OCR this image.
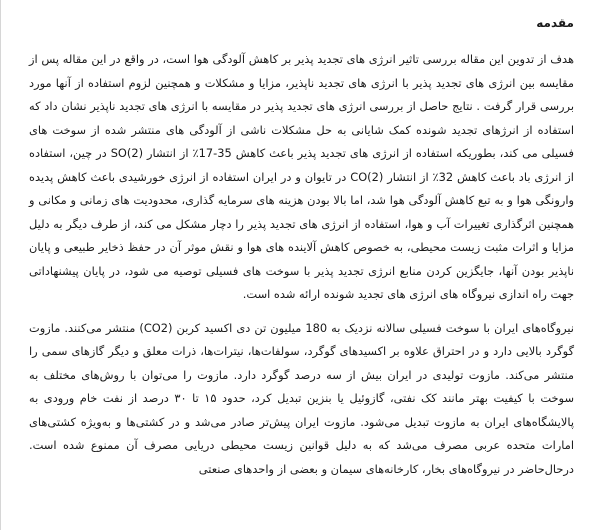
مقدمه

هدف از تدوین این مقاله بررسی تاثیر انرژی های تجدید پذیر بر کاهش آلودگی هوا است، در واقع در این مقاله پس از مقایسه بین انرژی های تجدید پذیر با انرژی های تجدید ناپذیر، مزایا و مشکلات و همچنین لزوم استفاده از آنها مورد بررسی قرار گرفت . نتایج حاصل از بررسی انرژی های تجدید پذیر در مقایسه با انرژی های تجدید ناپذیر نشان داد که استفاده از انرژهای تجدید شونده کمک شایانی به حل مشکلات ناشی از آلودگی های منتشر شده از سوخت های فسیلی می کند، بطوریکه استفاده از انرژی های تجدید پذیر باعث کاهش 35-17٪ از انتشار SO(2) در چین، استفاده از انرژی باد باعث کاهش 32٪ از انتشار CO(2) در تایوان و در ایران استفاده از انرژی خورشیدی باعث کاهش پدیده وارونگی هوا و به تبع کاهش آلودگی هوا شد، اما بالا بودن هزینه های سرمایه گذاری، محدودیت های زمانی و مکانی و همچنین اثرگذاری تغییرات آب و هوا، استفاده از انرژی های تجدید پذیر را دچار مشکل می کند، از طرف دیگر به دلیل مزایا و اثرات مثبت زیست محیطی، به خصوص کاهش آلاینده های هوا و نقش موثر آن در حفظ ذخایر طبیعی و پایان ناپذیر بودن آنها، جایگزین کردن منابع انرژی تجدید پذیر با سوخت های فسیلی توصیه می شود، در پایان پیشنهاداتی جهت راه اندازی نیروگاه های انرژی های تجدید شونده ارائه شده است.

نیروگاه‌های ایران با سوخت فسیلی سالانه نزدیک به 180 میلیون تن دی اکسید کربن (CO2) منتشر می‌کنند. مازوت گوگرد بالایی دارد و در احتراق علاوه بر اکسیدهای گوگرد، سولفات‌ها، نیترات‌ها، ذرات معلق و دیگر گازهای سمی را منتشر می‌کند. مازوت تولیدی در ایران بیش از سه درصد گوگرد دارد. مازوت را می‌توان با روش‌های مختلف به سوخت با کیفیت بهتر مانند کک نفتی، گازوئیل یا بنزین تبدیل کرد، حدود ۱۵ تا ۳۰ درصد از نفت خام ورودی به پالایشگاه‌های ایران به مازوت تبدیل می‌شود. مازوت ایران پیش‌تر صادر می‌شد و در کشتی‌ها و به‌ویژه کشتی‌های امارات متحده عربی مصرف می‌شد که به دلیل قوانین زیست محیطی دریایی مصرف آن ممنوع شده است. درحال‌حاضر در نیروگاه‌های بخار، کارخانه‌های سیمان و بعضی از واحدهای صنعتی
